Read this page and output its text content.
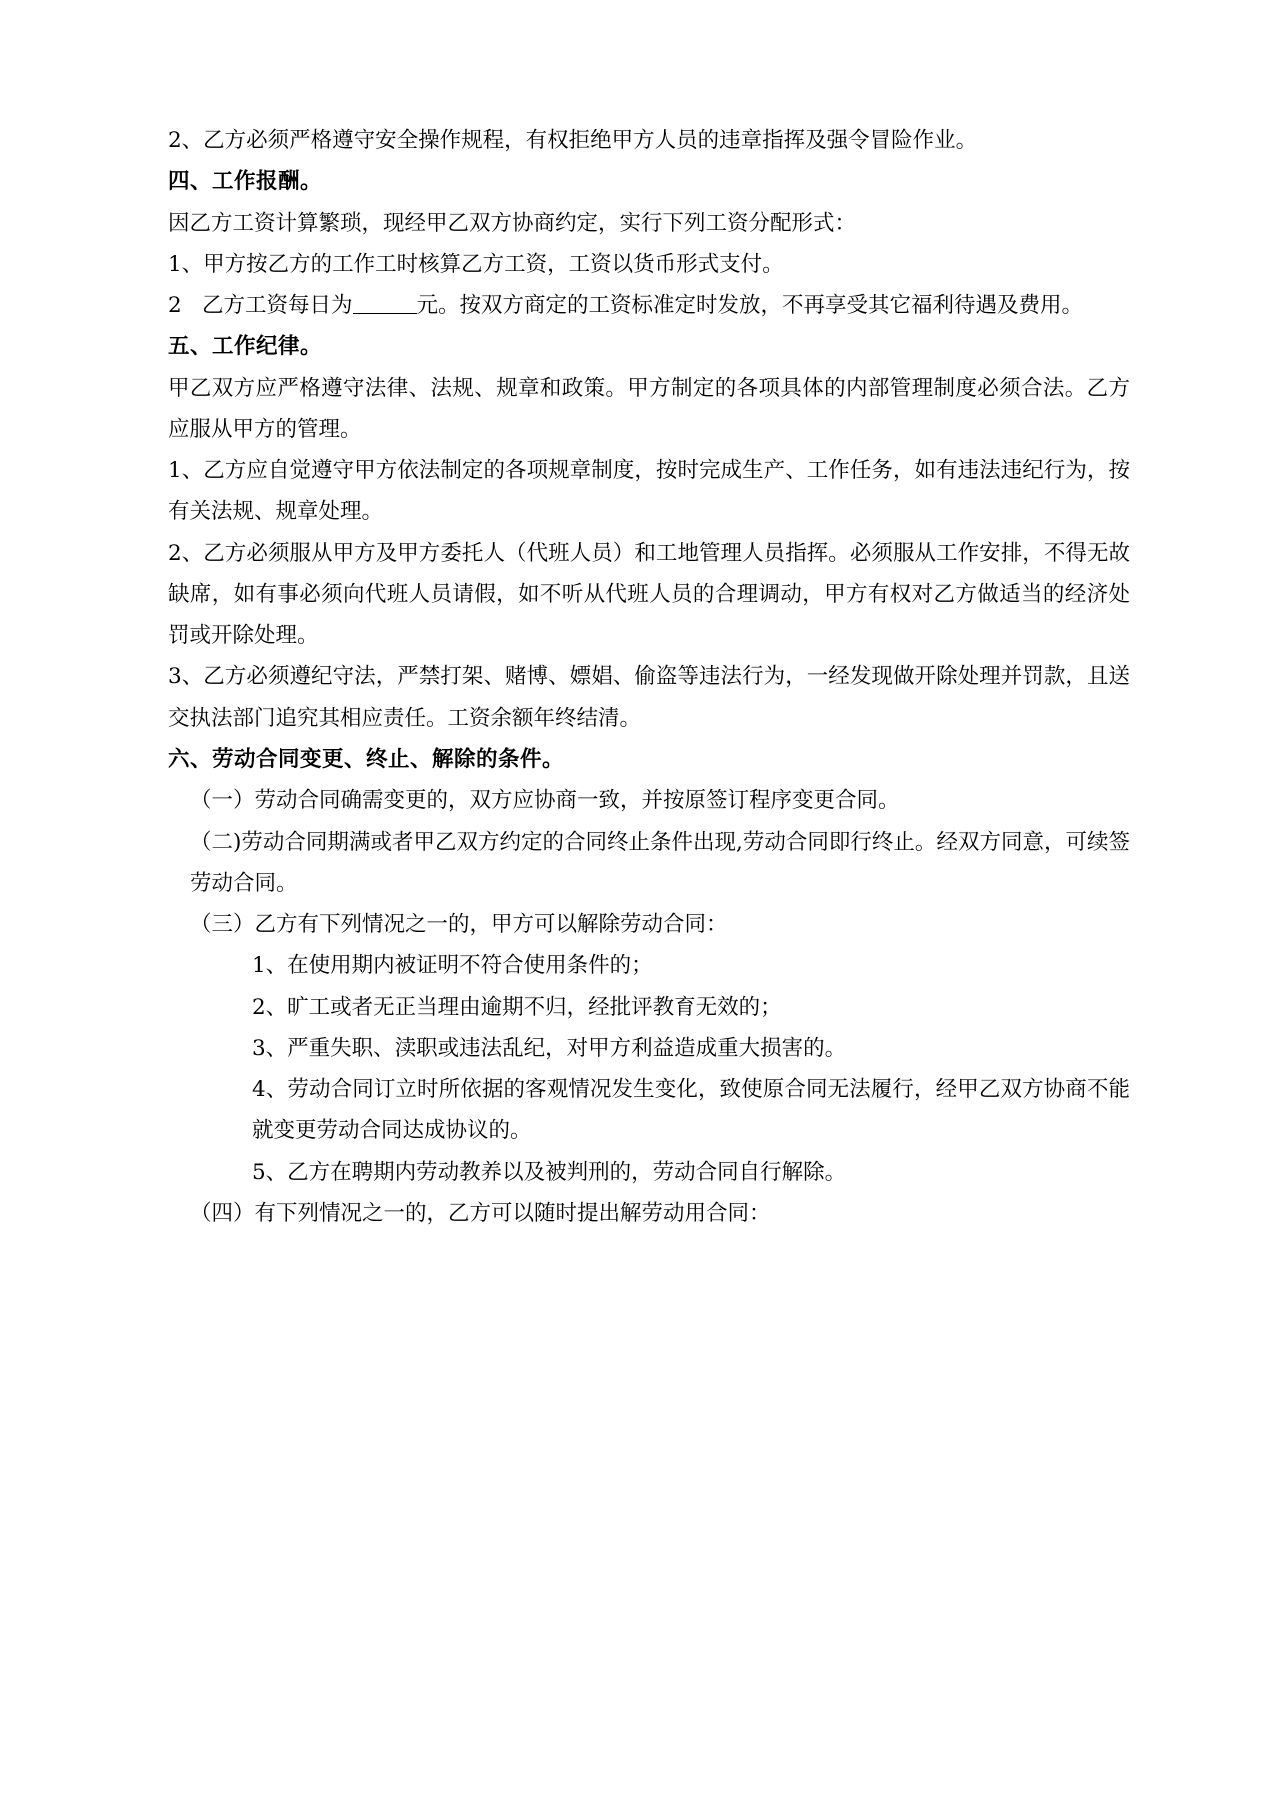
2、乙方必须严格遵守安全操作规程，有权拒绝甲方人员的违章指挥及强令冒险作业。

四、工作报酬。

因乙方工资计算繁琐，现经甲乙双方协商约定，实行下列工资分配形式：

1、甲方按乙方的工作工时核算乙方工资，工资以货币形式支付。

2 乙方工资每日为	元。按双方商定的工资标准定时发放，不再享受其它福利待遇及费用。

五、工作纪律。

甲乙双方应严格遵守法律、法规、规章和政策。甲方制定的各项具体的内部管理制度必须合法。乙方应服从甲方的管理。

1、乙方应自觉遵守甲方依法制定的各项规章制度，按时完成生产、工作任务，如有违法违纪行为，按有关法规、规章处理。

2、乙方必须服从甲方及甲方委托人（代班人员）和工地管理人员指挥。必须服从工作安排，不得无故缺席，如有事必须向代班人员请假，如不听从代班人员的合理调动，甲方有权对乙方做适当的经济处罚或开除处理。

3、乙方必须遵纪守法，严禁打架、赌博、嫖娼、偷盗等违法行为，一经发现做开除处理并罚款，且送交执法部门追究其相应责任。工资余额年终结清。

六、劳动合同变更、终止、解除的条件。

（一）劳动合同确需变更的，双方应协商一致，并按原签订程序变更合同。

（二)劳动合同期满或者甲乙双方约定的合同终止条件出现,劳动合同即行终止。经双方同意，可续签劳动合同。

（三）乙方有下列情况之一的，甲方可以解除劳动合同：

1、在使用期内被证明不符合使用条件的；

2、旷工或者无正当理由逾期不归，经批评教育无效的；

3、严重失职、渎职或违法乱纪，对甲方利益造成重大损害的。

4、劳动合同订立时所依据的客观情况发生变化，致使原合同无法履行，经甲乙双方协商不能就变更劳动合同达成协议的。

5、乙方在聘期内劳动教养以及被判刑的，劳动合同自行解除。

（四）有下列情况之一的，乙方可以随时提出解劳动用合同：
